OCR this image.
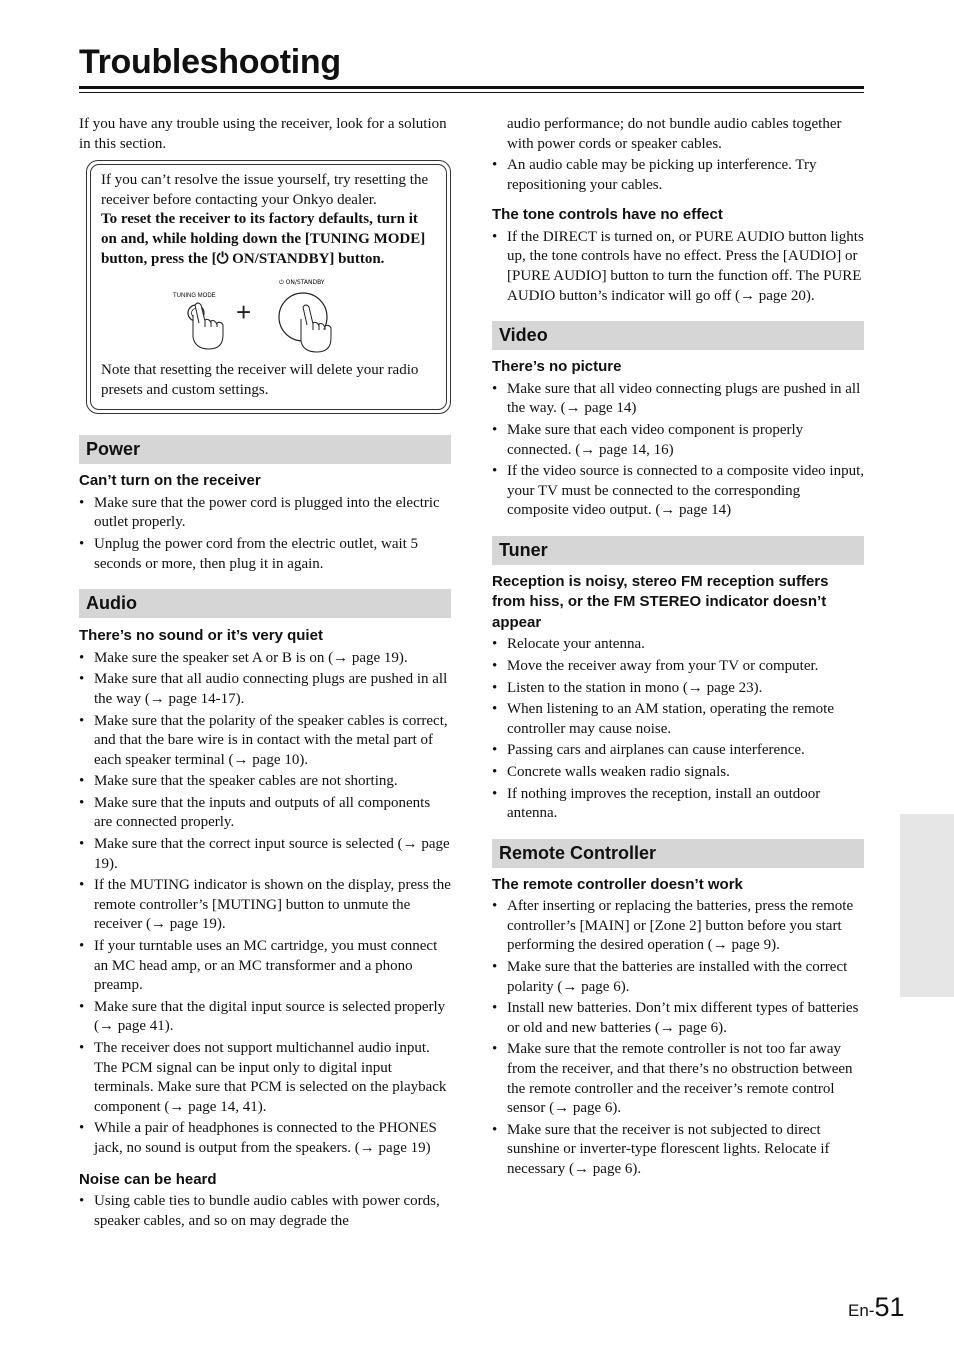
Troubleshooting

If you have any trouble using the receiver, look for a solution in this section.

If you can’t resolve the issue yourself, try resetting the receiver before contacting your Onkyo dealer.

To reset the receiver to its factory defaults, turn it on and, while holding down the [TUNING MODE] button, press the [⏻ ON/STANDBY] button.

TUNING MODE
+
⏻ ON/STANDBY

Note that resetting the receiver will delete your radio presets and custom settings.

Power
Can’t turn on the receiver
• Make sure that the power cord is plugged into the electric outlet properly.
• Unplug the power cord from the electric outlet, wait 5 seconds or more, then plug it in again.
Audio
There’s no sound or it’s very quiet
• Make sure the speaker set A or B is on (→ page 19).
• Make sure that all audio connecting plugs are pushed in all the way (→ page 14-17).
• Make sure that the polarity of the speaker cables is correct, and that the bare wire is in contact with the metal part of each speaker terminal (→ page 10).
• Make sure that the speaker cables are not shorting.
• Make sure that the inputs and outputs of all components are connected properly.
• Make sure that the correct input source is selected (→ page 19).
• If the MUTING indicator is shown on the display, press the remote controller’s [MUTING] button to unmute the receiver (→ page 19).
• If your turntable uses an MC cartridge, you must connect an MC head amp, or an MC transformer and a phono preamp.
• Make sure that the digital input source is selected properly (→ page 41).
• The receiver does not support multichannel audio input. The PCM signal can be input only to digital input terminals. Make sure that PCM is selected on the playback component (→ page 14, 41).
• While a pair of headphones is connected to the PHONES jack, no sound is output from the speakers. (→ page 19)
Noise can be heard
• Using cable ties to bundle audio cables with power cords, speaker cables, and so on may degrade the

audio performance; do not bundle audio cables together with power cords or speaker cables.

• An audio cable may be picking up interference. Try repositioning your cables.
The tone controls have no effect
• If the DIRECT is turned on, or PURE AUDIO button lights up, the tone controls have no effect. Press the [AUDIO] or [PURE AUDIO] button to turn the function off. The PURE AUDIO button’s indicator will go off (→ page 20).
Video
There’s no picture
• Make sure that all video connecting plugs are pushed in all the way. (→ page 14)
• Make sure that each video component is properly connected. (→ page 14, 16)
• If the video source is connected to a composite video input, your TV must be connected to the corresponding composite video output. (→ page 14)
Tuner
Reception is noisy, stereo FM reception suffers from hiss, or the FM STEREO indicator doesn’t appear
• Relocate your antenna.
• Move the receiver away from your TV or computer.
• Listen to the station in mono (→ page 23).
• When listening to an AM station, operating the remote controller may cause noise.
• Passing cars and airplanes can cause interference.
• Concrete walls weaken radio signals.
• If nothing improves the reception, install an outdoor antenna.
Remote Controller
The remote controller doesn’t work
• After inserting or replacing the batteries, press the remote controller’s [MAIN] or [Zone 2] button before you start performing the desired operation (→ page 9).
• Make sure that the batteries are installed with the correct polarity (→ page 6).
• Install new batteries. Don’t mix different types of batteries or old and new batteries (→ page 6).
• Make sure that the remote controller is not too far away from the receiver, and that there’s no obstruction between the remote controller and the receiver’s remote control sensor (→ page 6).
• Make sure that the receiver is not subjected to direct sunshine or inverter-type florescent lights. Relocate if necessary (→ page 6).
En-51
